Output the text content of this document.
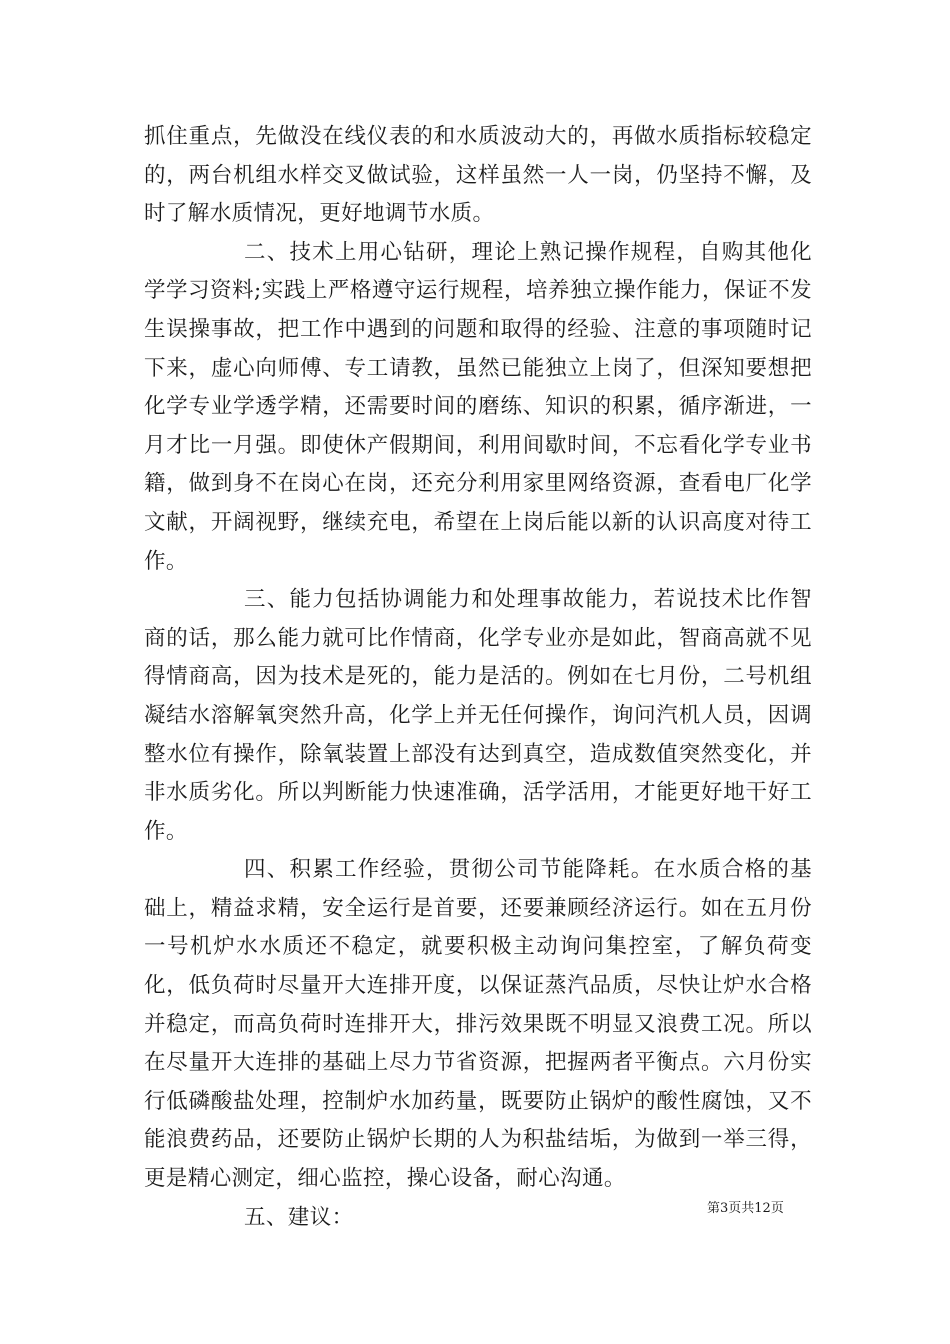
抓住重点，先做没在线仪表的和水质波动大的，再做水质指标较稳定的，两台机组水样交叉做试验，这样虽然一人一岗，仍坚持不懈，及时了解水质情况，更好地调节水质。

二、技术上用心钻研，理论上熟记操作规程，自购其他化学学习资料;实践上严格遵守运行规程，培养独立操作能力，保证不发生误操事故，把工作中遇到的问题和取得的经验、注意的事项随时记下来，虚心向师傅、专工请教，虽然已能独立上岗了，但深知要想把化学专业学透学精，还需要时间的磨练、知识的积累，循序渐进，一月才比一月强。即使休产假期间，利用间歇时间，不忘看化学专业书籍，做到身不在岗心在岗，还充分利用家里网络资源，查看电厂化学文献，开阔视野，继续充电，希望在上岗后能以新的认识高度对待工作。

三、能力包括协调能力和处理事故能力，若说技术比作智商的话，那么能力就可比作情商，化学专业亦是如此，智商高就不见得情商高，因为技术是死的，能力是活的。例如在七月份，二号机组凝结水溶解氧突然升高，化学上并无任何操作，询问汽机人员，因调整水位有操作，除氧装置上部没有达到真空，造成数值突然变化，并非水质劣化。所以判断能力快速准确，活学活用，才能更好地干好工作。

四、积累工作经验，贯彻公司节能降耗。在水质合格的基础上，精益求精，安全运行是首要，还要兼顾经济运行。如在五月份一号机炉水水质还不稳定，就要积极主动询问集控室，了解负荷变化，低负荷时尽量开大连排开度，以保证蒸汽品质，尽快让炉水合格并稳定，而高负荷时连排开大，排污效果既不明显又浪费工况。所以在尽量开大连排的基础上尽力节省资源，把握两者平衡点。六月份实行低磷酸盐处理，控制炉水加药量，既要防止锅炉的酸性腐蚀，又不能浪费药品，还要防止锅炉长期的人为积盐结垢，为做到一举三得，更是精心测定，细心监控，操心设备，耐心沟通。

五、建议：	第3页共12页
